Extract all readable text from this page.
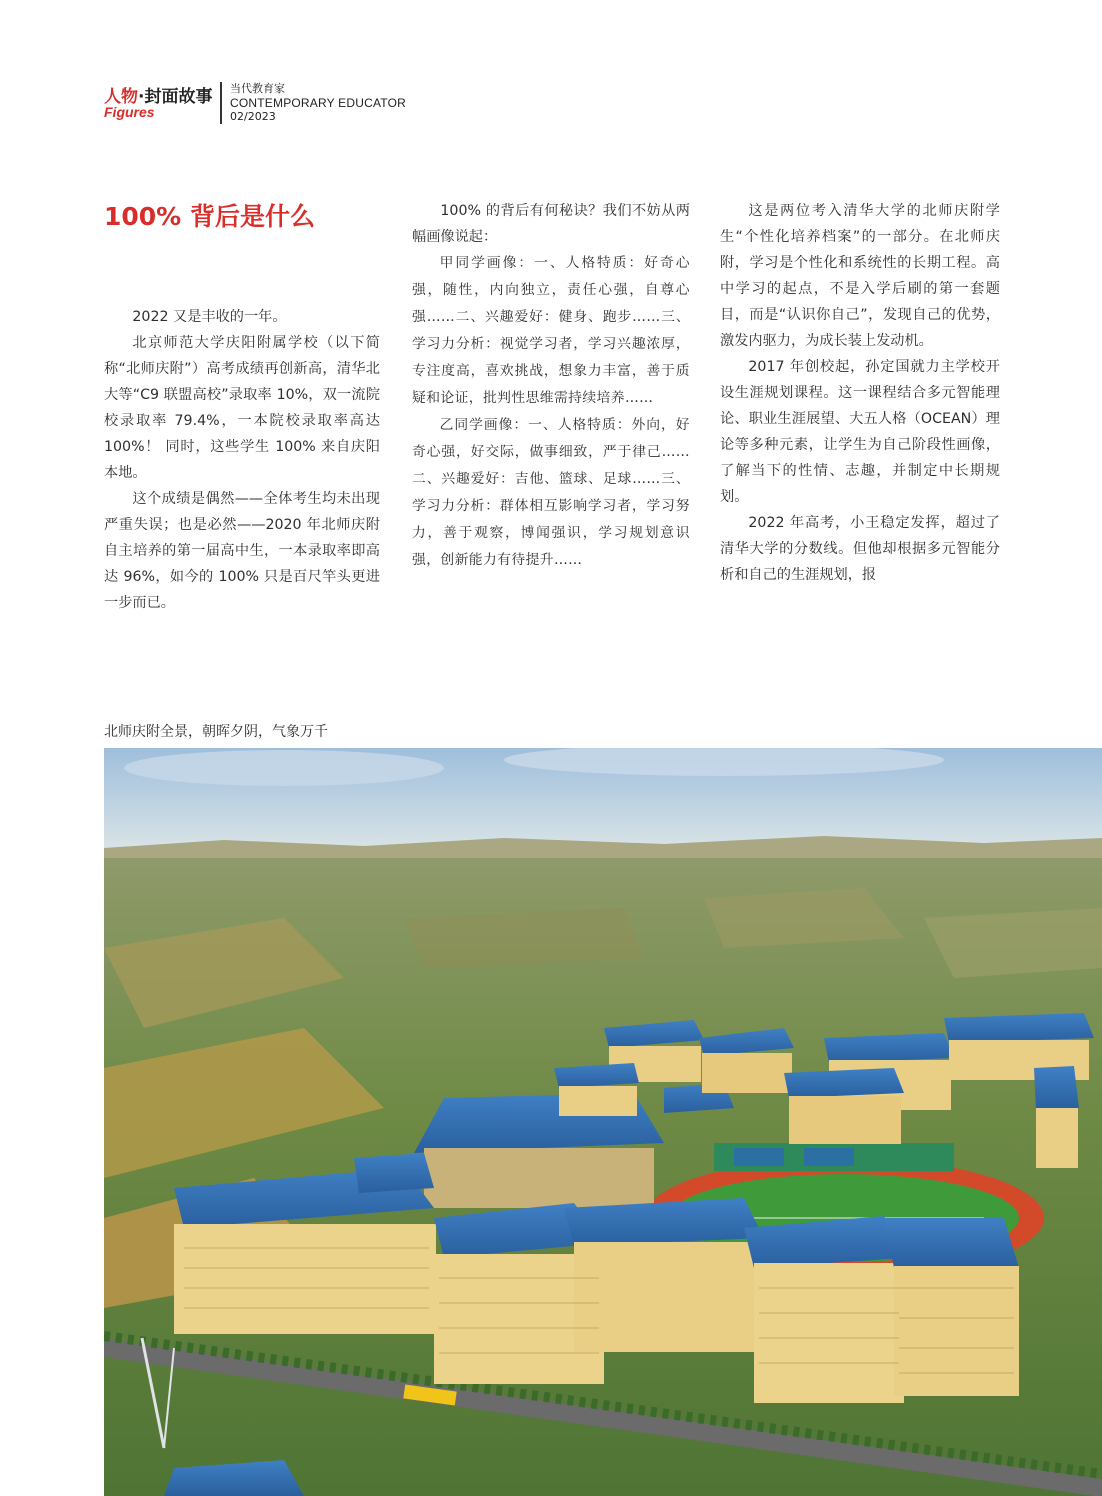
人物·封面故事
Figures
当代教育家
CONTEMPORARY EDUCATOR
02/2023
100% 背后是什么

2022 又是丰收的一年。

北京师范大学庆阳附属学校（以下简称“北师庆附”）高考成绩再创新高，清华北大等“C9 联盟高校”录取率 10%，双一流院校录取率 79.4%，一本院校录取率高达 100%！ 同时，这些学生 100% 来自庆阳本地。

这个成绩是偶然——全体考生均未出现严重失误；也是必然——2020 年北师庆附自主培养的第一届高中生，一本录取率即高达 96%，如今的 100% 只是百尺竿头更进一步而已。

100% 的背后有何秘诀？我们不妨从两幅画像说起：

甲同学画像：一、人格特质：好奇心强，随性，内向独立，责任心强，自尊心强……二、兴趣爱好：健身、跑步……三、学习力分析：视觉学习者，学习兴趣浓厚，专注度高，喜欢挑战，想象力丰富，善于质疑和论证，批判性思维需持续培养……

乙同学画像：一、人格特质：外向，好奇心强，好交际，做事细致，严于律己……二、兴趣爱好：吉他、篮球、足球……三、学习力分析：群体相互影响学习者，学习努力，善于观察，博闻强识，学习规划意识强，创新能力有待提升……

这是两位考入清华大学的北师庆附学生“个性化培养档案”的一部分。在北师庆附，学习是个性化和系统性的长期工程。高中学习的起点，不是入学后刷的第一套题目，而是“认识你自己”，发现自己的优势，激发内驱力，为成长装上发动机。

2017 年创校起，孙定国就力主学校开设生涯规划课程。这一课程结合多元智能理论、职业生涯展望、大五人格（OCEAN）理论等多种元素，让学生为自己阶段性画像，了解当下的性情、志趣，并制定中长期规划。

2022 年高考，小王稳定发挥，超过了清华大学的分数线。但他却根据多元智能分析和自己的生涯规划，报

北师庆附全景，朝晖夕阴，气象万千
